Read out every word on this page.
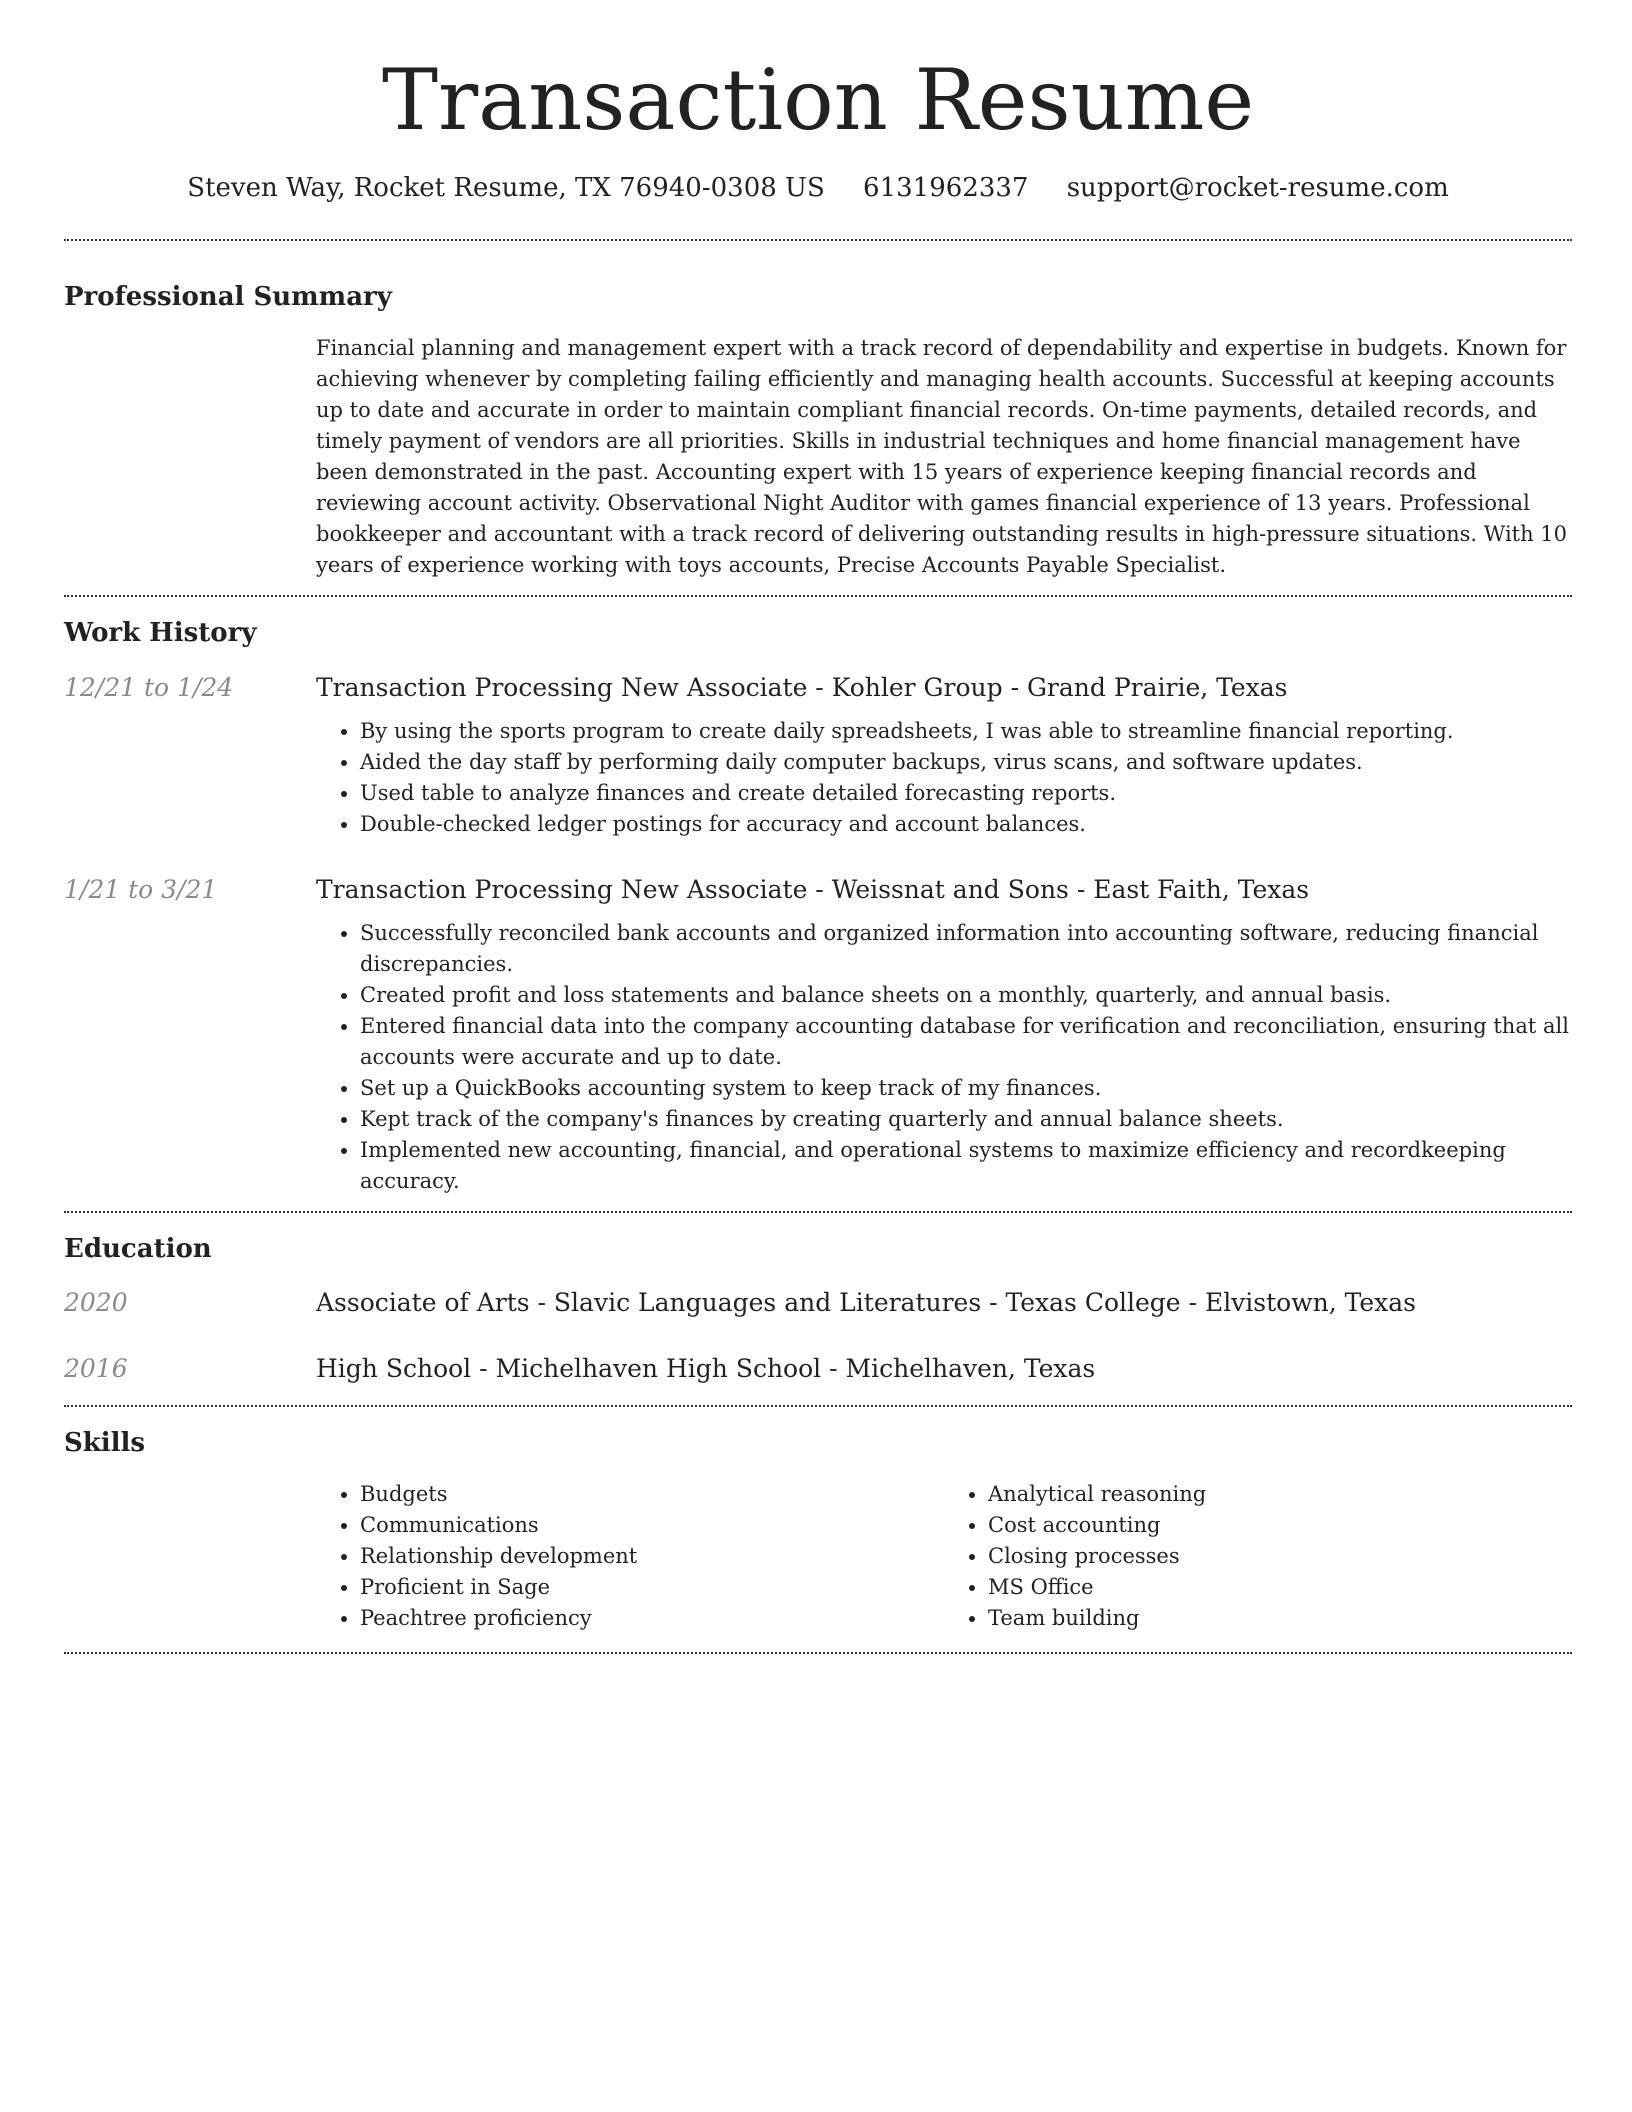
Transaction Resume
Steven Way, Rocket Resume, TX 76940-0308 US 6131962337 support@rocket-resume.com
Professional Summary

Financial planning and management expert with a track record of dependability and expertise in budgets. Known for achieving whenever by completing failing efficiently and managing health accounts. Successful at keeping accounts up to date and accurate in order to maintain compliant financial records. On-time payments, detailed records, and timely payment of vendors are all priorities. Skills in industrial techniques and home financial management have been demonstrated in the past. Accounting expert with 15 years of experience keeping financial records and reviewing account activity. Observational Night Auditor with games financial experience of 13 years. Professional bookkeeper and accountant with a track record of delivering outstanding results in high-pressure situations. With 10 years of experience working with toys accounts, Precise Accounts Payable Specialist.

Work History
12/21 to 1/24	Transaction Processing New Associate - Kohler Group - Grand Prairie, Texas
• By using the sports program to create daily spreadsheets, I was able to streamline financial reporting.
• Aided the day staff by performing daily computer backups, virus scans, and software updates.
• Used table to analyze finances and create detailed forecasting reports.
• Double-checked ledger postings for accuracy and account balances.
1/21 to 3/21	Transaction Processing New Associate - Weissnat and Sons - East Faith, Texas
• Successfully reconciled bank accounts and organized information into accounting software, reducing financial discrepancies.
• Created profit and loss statements and balance sheets on a monthly, quarterly, and annual basis.
• Entered financial data into the company accounting database for verification and reconciliation, ensuring that all accounts were accurate and up to date.
• Set up a QuickBooks accounting system to keep track of my finances.
• Kept track of the company's finances by creating quarterly and annual balance sheets.
• Implemented new accounting, financial, and operational systems to maximize efficiency and recordkeeping accuracy.
Education
2020	Associate of Arts - Slavic Languages and Literatures - Texas College - Elvistown, Texas
2016	High School - Michelhaven High School - Michelhaven, Texas
Skills
• Budgets
• Communications
• Relationship development
• Proficient in Sage
• Peachtree proficiency
• Analytical reasoning
• Cost accounting
• Closing processes
• MS Office
• Team building
